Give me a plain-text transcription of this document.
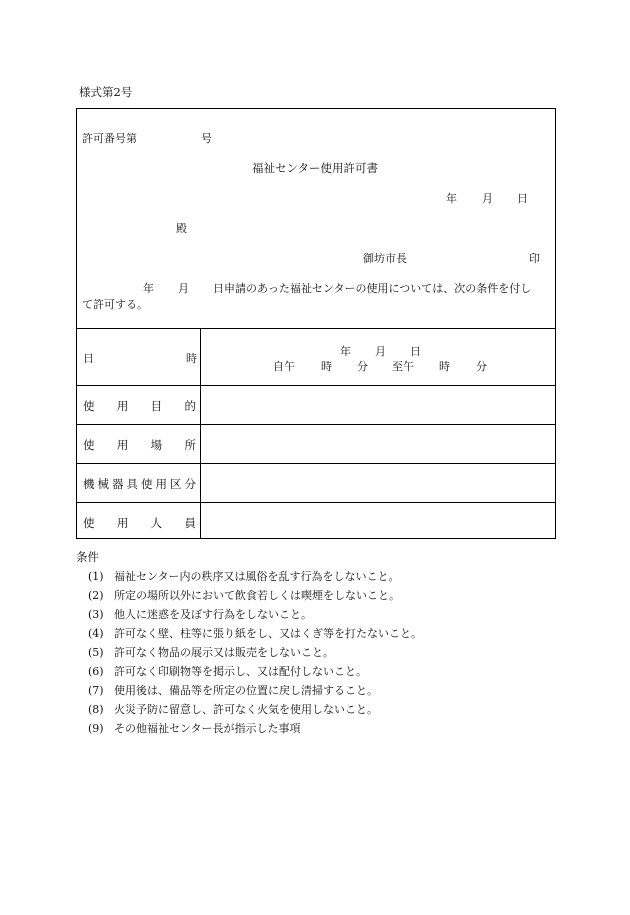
様式第2号
許可番号第	号
福祉センター使用許可書
年 月 日
殿
御坊市長	印
年 月 日申請のあった福祉センターの使用については、次の条件を付し
て許可する。
日	時
年 月 日
自午 時 分 至午 時 分
使 用 目 的
使 用 場 所
機 械 器 具 使 用 区 分
使 用 人 員
条件
(1) 福祉センター内の秩序又は風俗を乱す行為をしないこと。
(2) 所定の場所以外において飲食若しくは喫煙をしないこと。
(3) 他人に迷惑を及ぼす行為をしないこと。
(4) 許可なく壁、柱等に張り紙をし、又はくぎ等を打たないこと。
(5) 許可なく物品の展示又は販売をしないこと。
(6) 許可なく印刷物等を掲示し、又は配付しないこと。
(7) 使用後は、備品等を所定の位置に戻し清掃すること。
(8) 火災予防に留意し、許可なく火気を使用しないこと。
(9) その他福祉センター長が指示した事項
